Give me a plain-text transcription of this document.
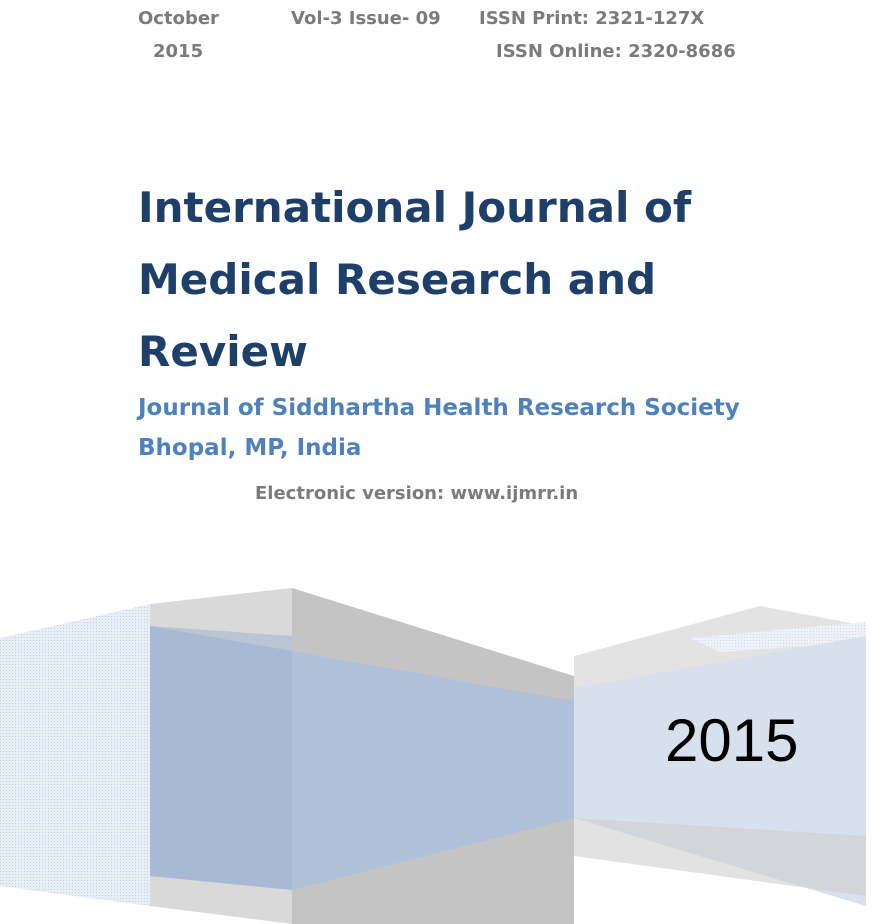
October
2015
Vol-3 Issue- 09 ISSN Print: 2321-127X
ISSN Online: 2320-8686
International Journal of
Medical Research and
Review
Journal of Siddhartha Health Research Society
Bhopal, MP, India
Electronic version: www.ijmrr.in
2015
